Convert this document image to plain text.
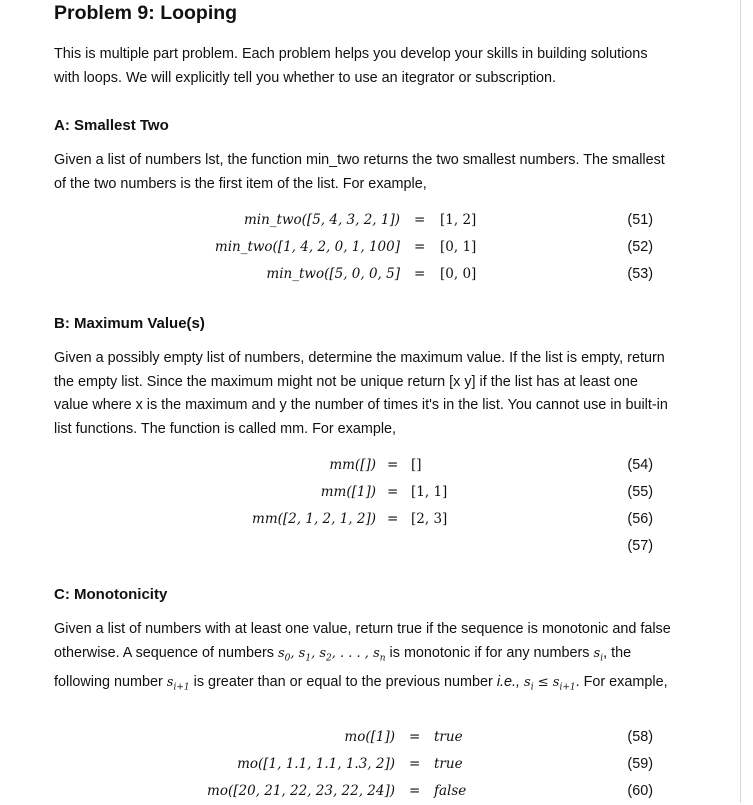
Problem 9: Looping

This is multiple part problem. Each problem helps you develop your skills in building solutions with loops. We will explicitly tell you whether to use an itegrator or subscription.

A: Smallest Two

Given a list of numbers lst, the function min_two returns the two smallest numbers. The smallest of the two numbers is the first item of the list. For example,

min_two([5, 4, 3, 2, 1]) = [1, 2]	(51)
min_two([1, 4, 2, 0, 1, 100] = [0, 1]	(52)
min_two([5, 0, 0, 5] = [0, 0]	(53)
B: Maximum Value(s)

Given a possibly empty list of numbers, determine the maximum value. If the list is empty, return the empty list. Since the maximum might not be unique return [x y] if the list has at least one value where x is the maximum and y the number of times it's in the list. You cannot use in built-in list functions. The function is called mm. For example,

mm([]) = []	(54)
mm([1]) = [1, 1]	(55)
mm([2, 1, 2, 1, 2]) = [2, 3]	(56)
(57)
C: Monotonicity

Given a list of numbers with at least one value, return true if the sequence is monotonic and false otherwise. A sequence of numbers $s_0$, $s_1$, $s_2$, . . . , $s_n$ is monotonic if for any numbers $s_i$, the following number $s_{i+1}$ is greater than or equal to the previous number i.e., $s_i \le s_{i+1}$. For example,

mo([1]) = true	(58)
mo([1, 1.1, 1.1, 1.3, 2]) = true	(59)
mo([20, 21, 22, 23, 22, 24]) = false	(60)
